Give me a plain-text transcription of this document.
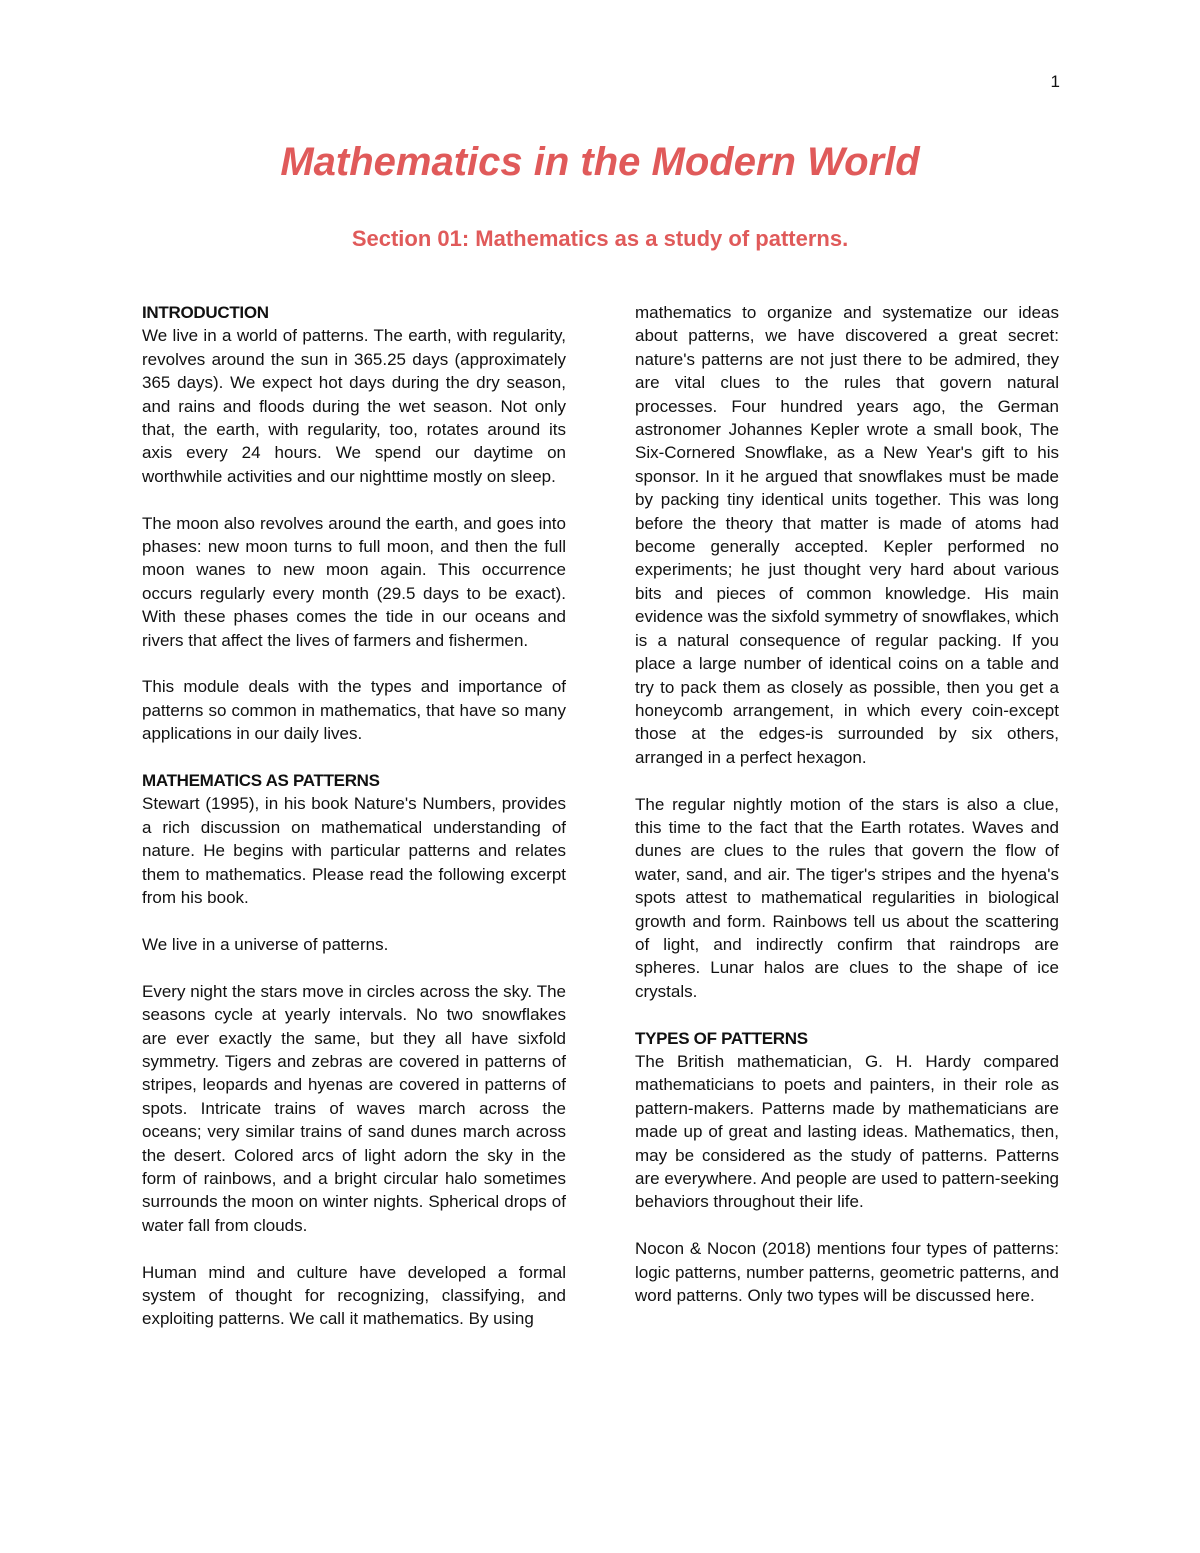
1
Mathematics in the Modern World
Section 01: Mathematics as a study of patterns.
INTRODUCTION

We live in a world of patterns. The earth, with regularity, revolves around the sun in 365.25 days (approximately 365 days). We expect hot days during the dry season, and rains and floods during the wet season. Not only that, the earth, with regularity, too, rotates around its axis every 24 hours. We spend our daytime on worthwhile activities and our nighttime mostly on sleep.

The moon also revolves around the earth, and goes into phases: new moon turns to full moon, and then the full moon wanes to new moon again. This occurrence occurs regularly every month (29.5 days to be exact). With these phases comes the tide in our oceans and rivers that affect the lives of farmers and fishermen.

This module deals with the types and importance of patterns so common in mathematics, that have so many applications in our daily lives.

MATHEMATICS AS PATTERNS

Stewart (1995), in his book Nature's Numbers, provides a rich discussion on mathematical understanding of nature. He begins with particular patterns and relates them to mathematics. Please read the following excerpt from his book.

We live in a universe of patterns.

Every night the stars move in circles across the sky. The seasons cycle at yearly intervals. No two snowflakes are ever exactly the same, but they all have sixfold symmetry. Tigers and zebras are covered in patterns of stripes, leopards and hyenas are covered in patterns of spots. Intricate trains of waves march across the oceans; very similar trains of sand dunes march across the desert. Colored arcs of light adorn the sky in the form of rainbows, and a bright circular halo sometimes surrounds the moon on winter nights. Spherical drops of water fall from clouds.

Human mind and culture have developed a formal system of thought for recognizing, classifying, and exploiting patterns. We call it mathematics. By using

mathematics to organize and systematize our ideas about patterns, we have discovered a great secret: nature's patterns are not just there to be admired, they are vital clues to the rules that govern natural processes. Four hundred years ago, the German astronomer Johannes Kepler wrote a small book, The Six-Cornered Snowflake, as a New Year's gift to his sponsor. In it he argued that snowflakes must be made by packing tiny identical units together. This was long before the theory that matter is made of atoms had become generally accepted. Kepler performed no experiments; he just thought very hard about various bits and pieces of common knowledge. His main evidence was the sixfold symmetry of snowflakes, which is a natural consequence of regular packing. If you place a large number of identical coins on a table and try to pack them as closely as possible, then you get a honeycomb arrangement, in which every coin-except those at the edges-is surrounded by six others, arranged in a perfect hexagon.

The regular nightly motion of the stars is also a clue, this time to the fact that the Earth rotates. Waves and dunes are clues to the rules that govern the flow of water, sand, and air. The tiger's stripes and the hyena's spots attest to mathematical regularities in biological growth and form. Rainbows tell us about the scattering of light, and indirectly confirm that raindrops are spheres. Lunar halos are clues to the shape of ice crystals.

TYPES OF PATTERNS

The British mathematician, G. H. Hardy compared mathematicians to poets and painters, in their role as pattern-makers. Patterns made by mathematicians are made up of great and lasting ideas. Mathematics, then, may be considered as the study of patterns. Patterns are everywhere. And people are used to pattern-seeking behaviors throughout their life.

Nocon & Nocon (2018) mentions four types of patterns: logic patterns, number patterns, geometric patterns, and word patterns. Only two types will be discussed here.
